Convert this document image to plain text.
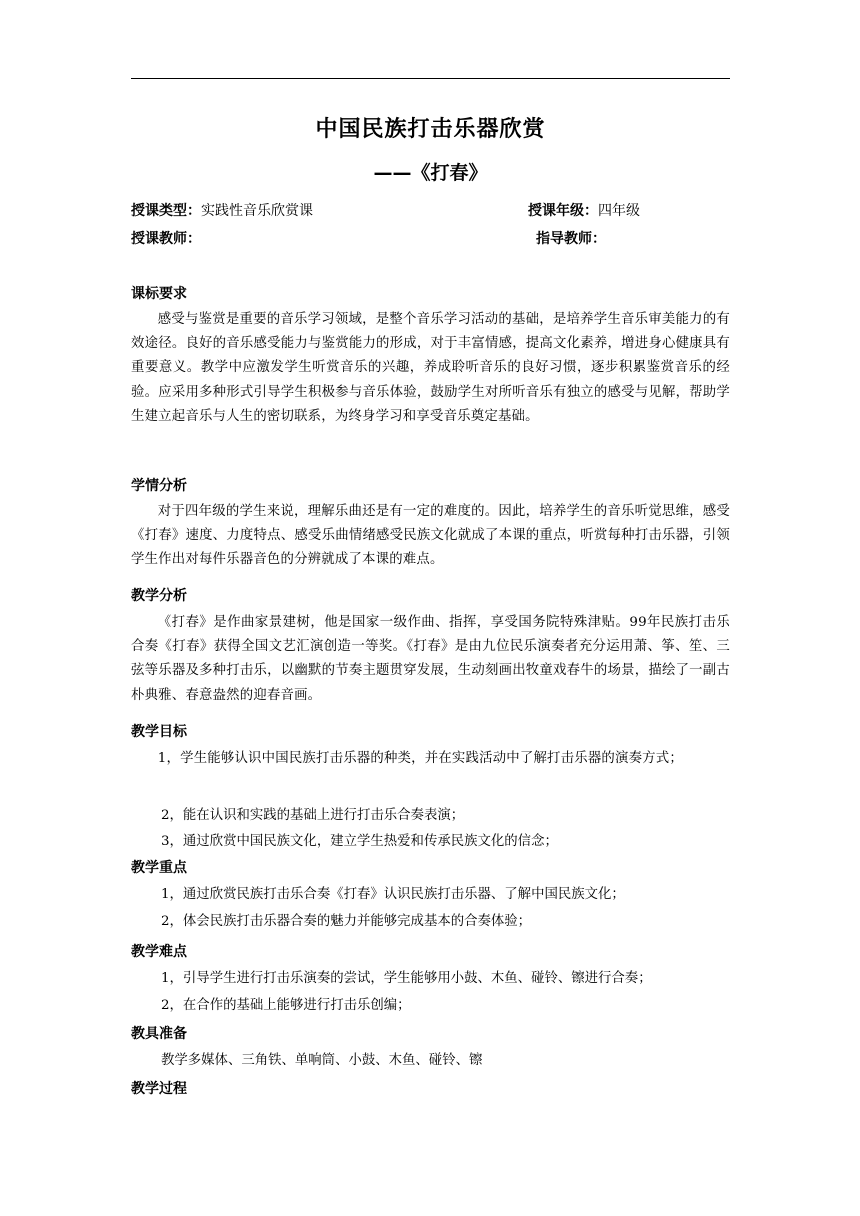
中国民族打击乐器欣赏
——《打春》
授课类型：实践性音乐欣赏课	授课年级：四年级
授课教师：	指导教师：
课标要求
感受与鉴赏是重要的音乐学习领域，是整个音乐学习活动的基础，是培养学生音乐审美能力的有效途径。良好的音乐感受能力与鉴赏能力的形成，对于丰富情感，提高文化素养，增进身心健康具有重要意义。教学中应激发学生听赏音乐的兴趣，养成聆听音乐的良好习惯，逐步积累鉴赏音乐的经验。应采用多种形式引导学生积极参与音乐体验，鼓励学生对所听音乐有独立的感受与见解，帮助学生建立起音乐与人生的密切联系，为终身学习和享受音乐奠定基础。
学情分析
对于四年级的学生来说，理解乐曲还是有一定的难度的。因此，培养学生的音乐听觉思维，感受《打春》速度、力度特点、感受乐曲情绪感受民族文化就成了本课的重点，听赏每种打击乐器，引领学生作出对每件乐器音色的分辨就成了本课的难点。
教学分析
《打春》是作曲家景建树，他是国家一级作曲、指挥，享受国务院特殊津贴。99年民族打击乐合奏《打春》获得全国文艺汇演创造一等奖。《打春》是由九位民乐演奏者充分运用萧、筝、笙、三弦等乐器及多种打击乐，以幽默的节奏主题贯穿发展，生动刻画出牧童戏春牛的场景，描绘了一副古朴典雅、春意盎然的迎春音画。
教学目标
1，学生能够认识中国民族打击乐器的种类，并在实践活动中了解打击乐器的演奏方式；
2，能在认识和实践的基础上进行打击乐合奏表演；
3，通过欣赏中国民族文化，建立学生热爱和传承民族文化的信念；
教学重点
1，通过欣赏民族打击乐合奏《打春》认识民族打击乐器、了解中国民族文化；
2，体会民族打击乐器合奏的魅力并能够完成基本的合奏体验；
教学难点
1，引导学生进行打击乐演奏的尝试，学生能够用小鼓、木鱼、碰铃、镲进行合奏；
2，在合作的基础上能够进行打击乐创编；
教具准备
教学多媒体、三角铁、单响筒、小鼓、木鱼、碰铃、镲
教学过程
